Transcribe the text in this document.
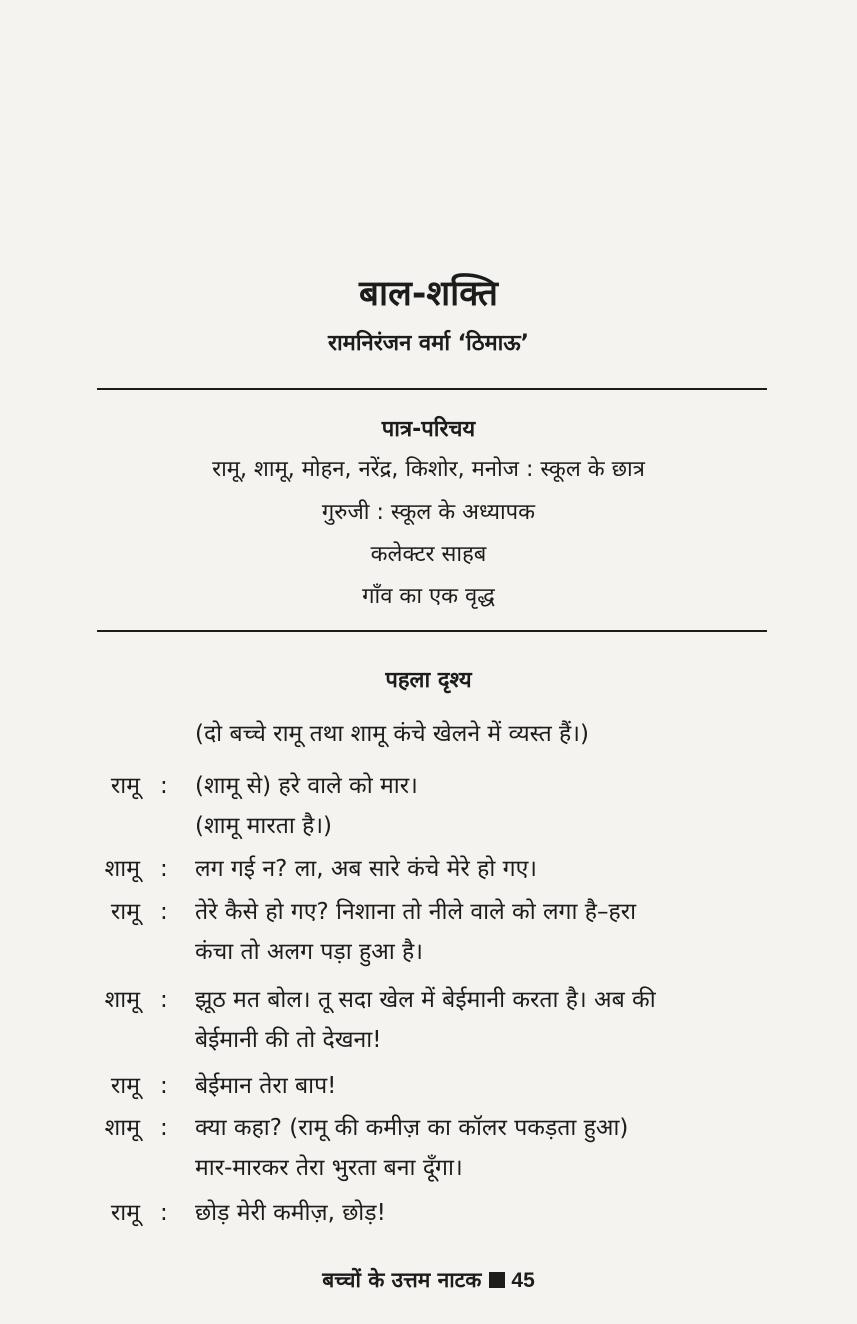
बाल-शक्ति
रामनिरंजन वर्मा ‘ठिमाऊ’
पात्र-परिचय
रामू, शामू, मोहन, नरेंद्र, किशोर, मनोज : स्कूल के छात्र
गुरुजी : स्कूल के अध्यापक
कलेक्टर साहब
गाँव का एक वृद्ध
पहला दृश्य
(दो बच्चे रामू तथा शामू कंचे खेलने में व्यस्त हैं।)
रामू : (शामू से) हरे वाले को मार।

(शामू मारता है।)

शामू : लग गई न? ला, अब सारे कंचे मेरे हो गए।

रामू : तेरे कैसे हो गए? निशाना तो नीले वाले को लगा है–हरा

कंचा तो अलग पड़ा हुआ है।

शामू : झूठ मत बोल। तू सदा खेल में बेईमानी करता है। अब की

बेईमानी की तो देखना!

रामू : बेईमान तेरा बाप!

शामू : क्या कहा? (रामू की कमीज़ का कॉलर पकड़ता हुआ)

मार-मारकर तेरा भुरता बना दूँगा।

रामू : छोड़ मेरी कमीज़, छोड़!

बच्चों के उत्तम नाटक 45
